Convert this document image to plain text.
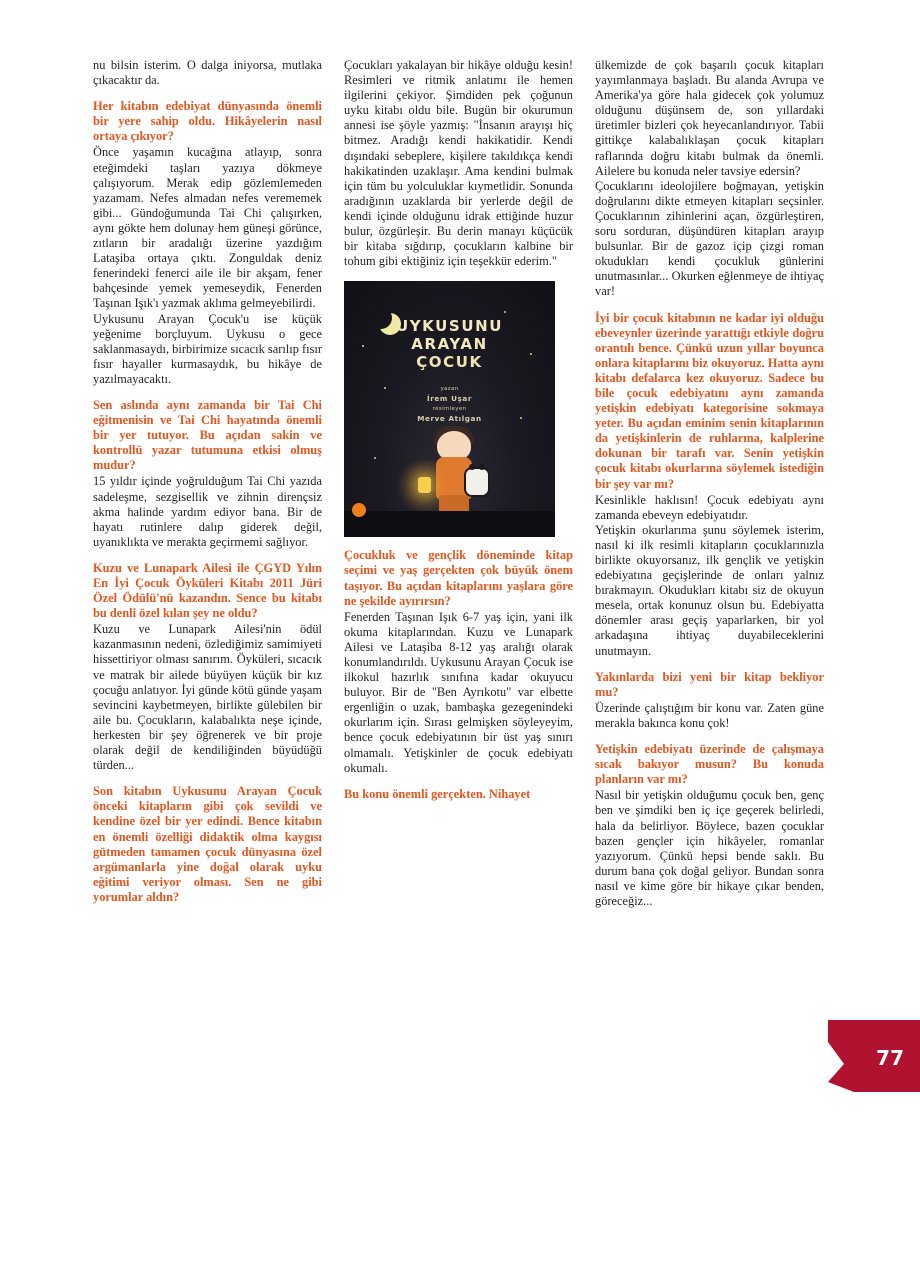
nu bilsin isterim. O dalga iniyorsa, mutlaka çıkacaktır da.

Her kitabın edebiyat dünyasında önemli bir yere sahip oldu. Hikâyelerin nasıl ortaya çıkıyor?

Önce yaşamın kucağına atlayıp, sonra eteğimdeki taşları yazıya dökmeye çalışıyorum. Merak edip gözlemlemeden yazamam. Nefes almadan nefes verememek gibi... Gündoğumunda Tai Chi çalışırken, aynı gökte hem dolunay hem güneşi görünce, zıtların bir aradalığı üzerine yazdığım Lataşiba ortaya çıktı. Zonguldak deniz fenerindeki fenerci aile ile bir akşam, fener bahçesinde yemek yemeseydik, Fenerden Taşınan Işık'ı yazmak aklıma gelmeyebilirdi.

Uykusunu Arayan Çocuk'u ise küçük yeğenime borçluyum. Uykusu o gece saklanmasaydı, birbirimize sıcacık sarılıp fısır fısır hayaller kurmasaydık, bu hikâye de yazılmayacaktı.

Sen aslında aynı zamanda bir Tai Chi eğitmenisin ve Tai Chi hayatında önemli bir yer tutuyor. Bu açıdan sakin ve kontrollü yazar tutumuna etkisi olmuş mudur?

15 yıldır içinde yoğrulduğum Tai Chi yazıda sadeleşme, sezgisellik ve zihnin dirençsiz akma halinde yardım ediyor bana. Bir de hayatı rutinlere dalıp giderek değil, uyanıklıkta ve merakta geçirmemi sağlıyor.

Kuzu ve Lunapark Ailesi ile ÇGYD Yılın En İyi Çocuk Öyküleri Kitabı 2011 Jüri Özel Ödülü'nü kazandın. Sence bu kitabı bu denli özel kılan şey ne oldu?

Kuzu ve Lunapark Ailesi'nin ödül kazanmasının nedeni, özlediğimiz samimiyeti hissettiriyor olması sanırım. Öyküleri, sıcacık ve matrak bir ailede büyüyen küçük bir kız çocuğu anlatıyor. İyi günde kötü günde yaşam sevincini kaybetmeyen, birlikte gülebilen bir aile bu. Çocukların, kalabalıkta neşe içinde, herkesten bir şey öğrenerek ve bir proje olarak değil de kendiliğinden büyüdüğü türden...

Son kitabın Uykusunu Arayan Çocuk önceki kitapların gibi çok sevildi ve kendine özel bir yer edindi. Bence kitabın en önemli özelliği didaktik olma kaygısı gütmeden tamamen çocuk dünyasına özel argümanlarla yine doğal olarak uyku eğitimi veriyor olması. Sen ne gibi yorumlar aldın?

Çocukları yakalayan bir hikâye olduğu kesin! Resimleri ve ritmik anlatımı ile hemen ilgilerini çekiyor. Şimdiden pek çoğunun uyku kitabı oldu bile. Bugün bir okurumun annesi ise şöyle yazmış: "İnsanın arayışı hiç bitmez. Aradığı kendi hakikatidir. Kendi dışındaki sebeplere, kişilere takıldıkça kendi hakikatinden uzaklaşır. Ama kendini bulmak için tüm bu yolculuklar kıymetlidir. Sonunda aradığının uzaklarda bir yerlerde değil de kendi içinde olduğunu idrak ettiğinde huzur bulur, özgürleşir. Bu derin manayı küçücük bir kitaba sığdırıp, çocukların kalbine bir tohum gibi ektiğiniz için teşekkür ederim."

UYKUSUNU
ARAYAN
ÇOCUK
yazan
İrem Uşar
resimleyen
Merve Atılgan

Çocukluk ve gençlik döneminde kitap seçimi ve yaş gerçekten çok büyük önem taşıyor. Bu açıdan kitaplarını yaşlara göre ne şekilde ayırırsın?

Fenerden Taşınan Işık 6-7 yaş için, yani ilk okuma kitaplarından. Kuzu ve Lunapark Ailesi ve Lataşiba 8-12 yaş aralığı olarak konumlandırıldı. Uykusunu Arayan Çocuk ise ilkokul hazırlık sınıfına kadar okuyucu buluyor. Bir de "Ben Ayrıkotu" var elbette ergenliğin o uzak, bambaşka gezegenindeki okurlarım için. Sırası gelmişken söyleyeyim, bence çocuk edebiyatının bir üst yaş sınırı olmamalı. Yetişkinler de çocuk edebiyatı okumalı.

Bu konu önemli gerçekten. Nihayet

ülkemizde de çok başarılı çocuk kitapları yayımlanmaya başladı. Bu alanda Avrupa ve Amerika'ya göre hala gidecek çok yolumuz olduğunu düşünsem de, son yıllardaki üretimler bizleri çok heyecanlandırıyor. Tabii gittikçe kalabalıklaşan çocuk kitapları raflarında doğru kitabı bulmak da önemli. Ailelere bu konuda neler tavsiye edersin?

Çocuklarını ideolojilere boğmayan, yetişkin doğrularını dikte etmeyen kitapları seçsinler. Çocuklarının zihinlerini açan, özgürleştiren, soru sorduran, düşündüren kitapları arayıp bulsunlar. Bir de gazoz içip çizgi roman okudukları kendi çocukluk günlerini unutmasınlar... Okurken eğlenmeye de ihtiyaç var!

İyi bir çocuk kitabının ne kadar iyi olduğu ebeveynler üzerinde yarattığı etkiyle doğru orantılı bence. Çünkü uzun yıllar boyunca onlara kitaplarını biz okuyoruz. Hatta aynı kitabı defalarca kez okuyoruz. Sadece bu bile çocuk edebiyatını aynı zamanda yetişkin edebiyatı kategorisine sokmaya yeter. Bu açıdan eminim senin kitaplarının da yetişkinlerin de ruhlarına, kalplerine dokunan bir tarafı var. Senin yetişkin çocuk kitabı okurlarına söylemek istediğin bir şey var mı?

Kesinlikle haklısın! Çocuk edebiyatı aynı zamanda ebeveyn edebiyatıdır.

Yetişkin okurlarıma şunu söylemek isterim, nasıl ki ilk resimli kitapların çocuklarınızla birlikte okuyorsanız, ilk gençlik ve yetişkin edebiyatına geçişlerinde de onları yalnız bırakmayın. Okudukları kitabı siz de okuyun mesela, ortak konunuz olsun bu. Edebiyatta dönemler arası geçiş yaparlarken, bir yol arkadaşına ihtiyaç duyabileceklerini unutmayın.

Yakınlarda bizi yeni bir kitap bekliyor mu?

Üzerinde çalıştığım bir konu var. Zaten güne merakla bakınca konu çok!

Yetişkin edebiyatı üzerinde de çalışmaya sıcak bakıyor musun? Bu konuda planların var mı?

Nasıl bir yetişkin olduğumu çocuk ben, genç ben ve şimdiki ben iç içe geçerek belirledi, hala da belirliyor. Böylece, bazen çocuklar bazen gençler için hikâyeler, romanlar yazıyorum. Çünkü hepsi bende saklı. Bu durum bana çok doğal geliyor. Bundan sonra nasıl ve kime göre bir hikaye çıkar benden, göreceğiz...

77
